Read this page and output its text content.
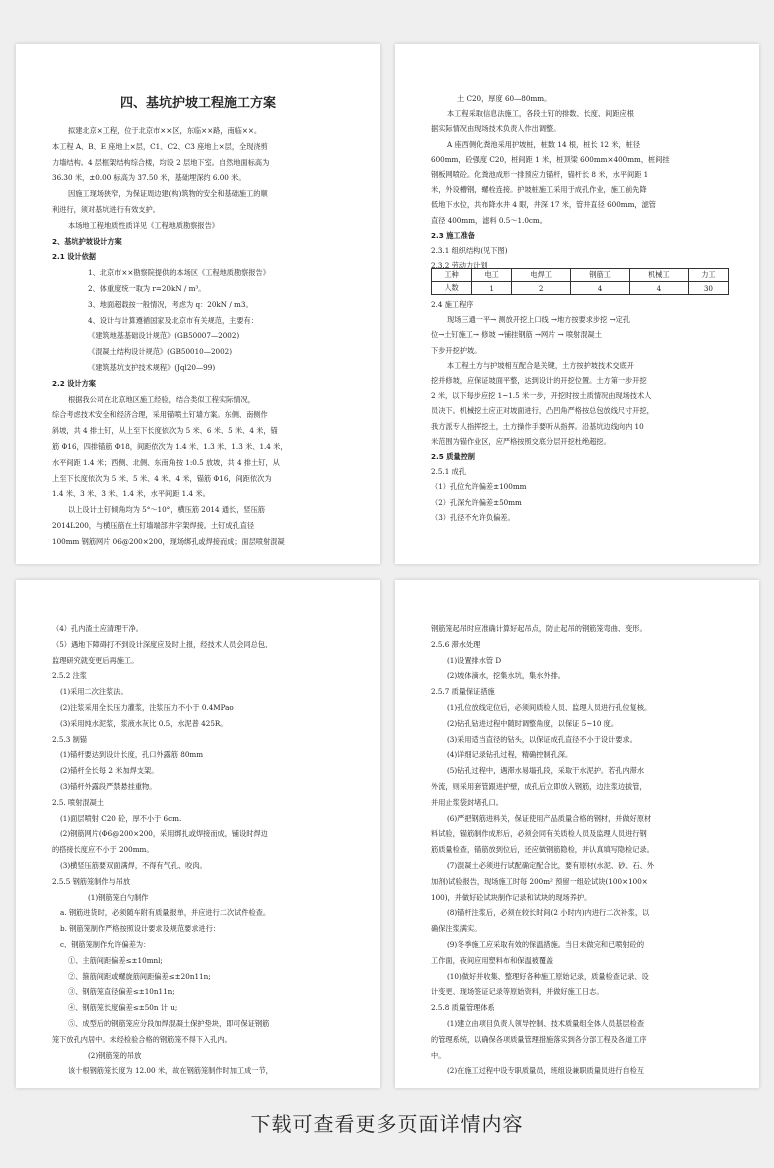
四、基坑护坡工程施工方案
拟建北京×工程，位于北京市××区，东临××路，南临××。
本工程 A、B、E 座地上×层，C1、C2、C3 座地上×层，全现浇剪
力墙结构。4 层框架结构综合楼，均设 2 层地下室。自然地面标高为
36.30 米，±0.00 标高为 37.50 米，基础埋深约 6.00 米。
因施工现场狭窄，为保证周边建(构)筑物的安全和基础施工的顺
利进行，须对基坑进行有效支护。
本场地工程地质性质详见《工程地质勘察报告》
2、基坑护坡设计方案
2.1 设计依据
1、北京市××勘察院提供的本场区《工程地质勘察报告》
2、体重度统一取为 r=20kN / m³。
3、地面超载按一般情况，考虑为 q：20kN / m3。
4、设计与计算遵循国家及北京市有关规范，主要有：
《建筑地基基础设计规范》(GB50007—2002)
《混凝土结构设计规范》(GB50010—2002)
《建筑基坑支护技术规程》(Jql20—99)
2.2 设计方案
根据我公司在北京地区施工经验，结合类似工程实际情况，
综合考虑技术安全和经济合理，采用锚喷土钉墙方案。东侧、南侧作
斜坡，共 4 排土钉，从上至下长度依次为 5 米、6 米、5 米、4 米，锚
筋 Φ16，四排锚筋 Φ18，间距依次为 1.4 米、1.3 米、1.3 米、1.4 米，
水平间距 1.4 米；西侧、北侧、东南角按 1:0.5 放坡，共 4 排土钉，从
上至下长度依次为 5 米、5 米、4 米、4 米，锚筋 Φ16，间距依次为
1.4 米、3 米、3 米、1.4 米，水平间距 1.4 米。
以上设计土钉倾角均为 5°～10°，横压筋 2014 通长，竖压筋
2014L200，与横压筋在土钉墙端部井字架焊接。土钉成孔直径
100mm 钢筋网片 06@200×200，现场绑孔或焊接而成；面层喷射混凝
工种	电工	电焊工	钢筋工	机械工	力工
人数	1	2	4	4	30
土 C20，厚度 60—80mm。
本工程采取信息法施工，各段土钉的排数、长度、间距应根
据实际情况由现场技术负责人作出调整。
A 座西侧化粪池采用护坡桩，桩数 14 根，桩长 12 米，桩径
600mm，砼强度 C20，桩间距 1 米，桩顶梁 600mm×400mm，桩间挂
钢板网喷砼。化粪池成形一排预应力锚杆，锚杆长 8 米，水平间距 1
米，外设槽钢，螺栓连接。护坡桩施工采用于成孔作业，施工前先降
低地下水位，共布降水井 4 眼，井深 17 米，管井直径 600mm，滤管
直径 400mm，滤料 0.5～1.0cm。
2.3 施工准备
2.3.1 组织结构(见下图)
2.3.2 劳动力计划
2.4 施工程序
现场三通一平→ 测放开挖上口线 →地方按要求步挖 →定孔
位→土钉施工→ 修坡 →铺挂钢筋 →网片 → 喷射混凝土
下步开挖护坡。
本工程土方与护坡相互配合是关键，土方按护坡技术交底开
挖并修坡，应保证坡面平整，达到设计的开挖位置。土方第一步开挖
2 米，以下每步应挖 1~1.5 米一步，开挖时按土质情况由现场技术人
员决下。机械挖土应正对坡面进行，凸凹角严格按总包放线尺寸开挖，
我方派专人指挥挖土，土方操作手要听从指挥。沿基坑边线向内 10
米范围为锚作业区，应严格按照交底分层开挖杜绝超挖。
2.5 质量控制
2.5.1 成孔
（1）孔位允许偏差±100mm
（2）孔深允许偏差±50mm
（3）孔径不允许负偏差。
（4）孔内渣土应清理干净。
（5）遇地下障碍打不到设计深度应及时上报，经技术人员会同总包、
监理研究就变更后再施工。
2.5.2 注浆
(1)采用二次注浆法。
(2)注浆采用全长压力灌浆，注浆压力不小于 0.4MPao
(3)采用纯水泥浆，浆液水灰比 0.5，水泥普 425R。
2.5.3 制锚
(1)锚杆要达到设计长度，孔口外露筋 80mm
(2)锚杆全长每 2 米加焊支架。
(3)锚杆外露段严禁悬挂重物。
2.5. 喷射混凝土
(1)面层喷射 C20 砼，厚不小于 6cm.
(2)钢筋网片(Φ6@200×200，采用绑扎或焊接而成，铺设时焊边
的搭接长度应不小于 200mm。
(3)横竖压筋要双面满焊，不得有气孔、咬肉。
2.5.5 钢筋笼制作与吊放
(1)钢筋笼白勺制作
a. 钢筋进货时，必须随车附有质量报单，并应进行二次试件检查。
b. 钢筋笼制作严格按照设计要求及规范要求进行：
c、钢筋笼制作允许偏差为：
①、主筋间距偏差≤±10mnl;
②、箍筋间距或螺旋筋间距偏差≤±20n11n;
③、钢筋笼直径偏差≤±10n11n;
④、钢筋笼长度偏差≤±50n 计 u;
⑤、成型后的钢筋笼应分段加焊混凝土保护垫块，即可保证钢筋
笼下放孔内居中。未经检验合格的钢筋笼不得下入孔内。
(2)钢筋笼的吊放
该十根钢筋笼长度为 12.00 米，故在钢筋笼制作时加工成一节，
钢筋笼起吊时应准确计算好起吊点，防止起吊的钢筋笼弯曲、变形。
2.5.6 滞水处理
(1)设置排水管 D
(2)坡体滴水，挖集水坑，集水外排。
2.5.7 质量保证措施
(1)孔位放线定位后，必须间质检人员、监理人员进行孔位复核。
(2)钻孔钻进过程中随时调整角度，以保证 5~10 度。
(3)采用适当直径的钻头，以保证成孔直径不小于设计要求。
(4)详细记录钻孔过程，精确控制孔深。
(5)钻孔过程中，遇滞水易塌孔段，采取干水泥护。若孔内滞水
外流，则采用套管跟进护壁，成孔后立即放入钢筋，边注浆边拔管，
并用止浆袋封堵孔口。
(6)严把钢筋进料关，保证使用产品质量合格的钢材，并做好原材
料试验，锚筋制作成形后，必须会同有关质检人员及监理人员进行钢
筋质量检查，锚筋放到位后，还应做钢筋隐检，并认真填写隐检记录。
(7)混凝土必须进行试配确定配合比，要有原材(水泥、砂、石、外
加剂)试验报告，现场施工时每 200m² 预留一组砼试块(100×100×
100)，并做好砼试块制作记录和试块的现场养护。
(8)锚杆注浆后，必须在较长时间(2 小时内)内进行二次补浆，以
确保注浆满实。
(9)冬季施工应采取有效的保温措施。当日未做完和已喷射砼的
工作面，夜间应用塑料布和保温被覆盖
(10)做好并收集、整理好各种施工原始记录，质量检查记录、设
计变更、现场签证记录等原始资料，并做好施工日志。
2.5.8 质量管理体系
(1)建立由项目负责人领导控制、技术质量组全体人员基层检查
的管理系统，以确保各项质量管理措施落实到各分部工程及各道工序
中。
(2)在施工过程中设专职质量员，班组设兼职质量员进行自检互
下载可查看更多页面详情内容
